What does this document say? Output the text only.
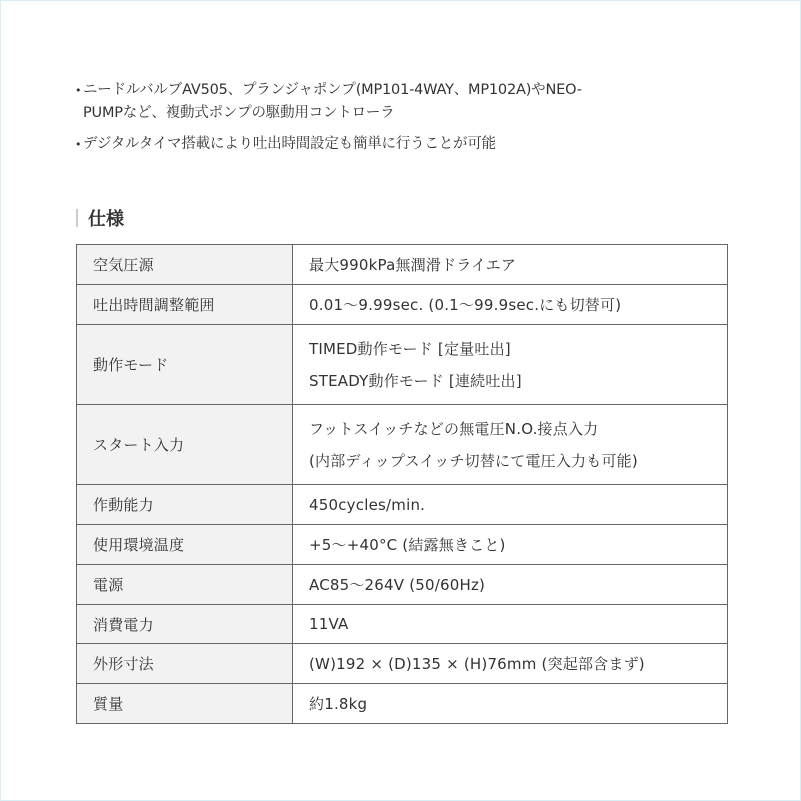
• ニードルバルブAV505、プランジャポンプ(MP101-4WAY、MP102A)やNEO-
PUMPなど、複動式ポンプの駆動用コントローラ
• デジタルタイマ搭載により吐出時間設定も簡単に行うことが可能
仕様
空気圧源	最大990kPa無潤滑ドライエア
吐出時間調整範囲	0.01〜9.99sec. (0.1〜99.9sec.にも切替可)
動作モード	TIMED動作モード [定量吐出]
STEADY動作モード [連続吐出]

スタート入力	フットスイッチなどの無電圧N.O.接点入力
(内部ディップスイッチ切替にて電圧入力も可能)

作動能力	450cycles/min.
使用環境温度	+5〜+40°C (結露無きこと)
電源	AC85〜264V (50/60Hz)
消費電力	11VA
外形寸法	(W)192 × (D)135 × (H)76mm (突起部含まず)
質量	約1.8kg
